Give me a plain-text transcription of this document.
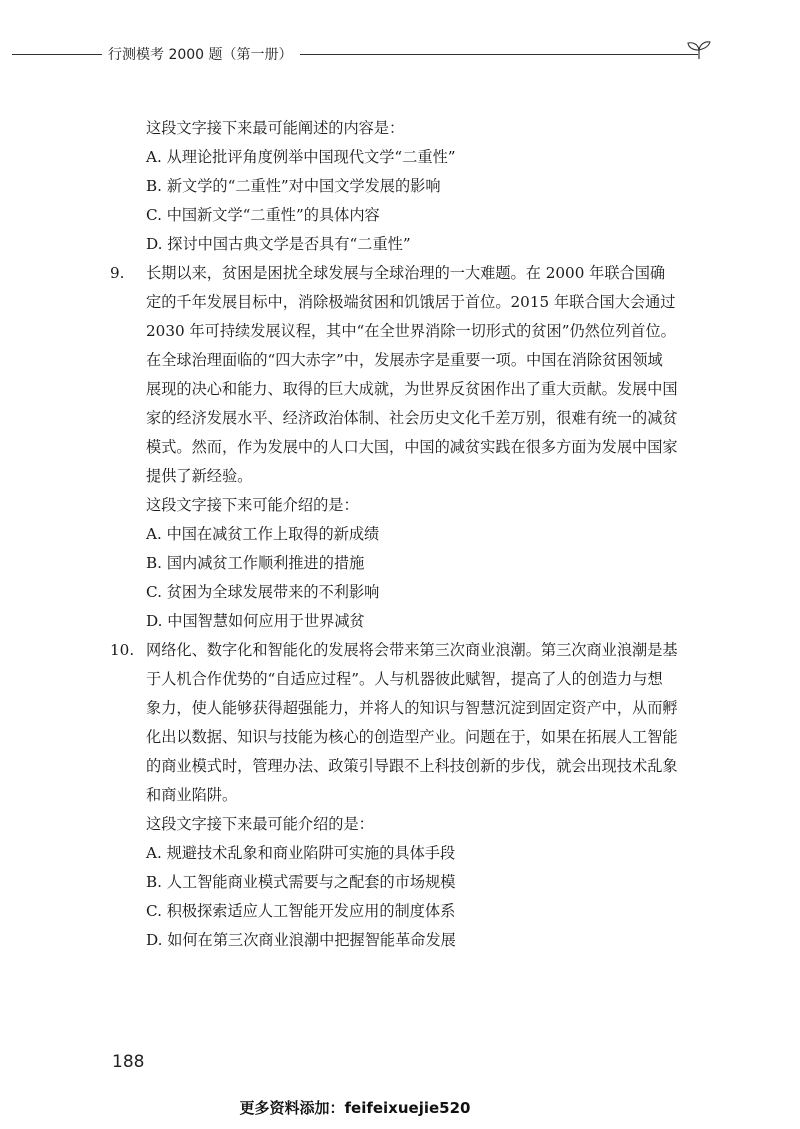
行测模考 2000 题（第一册）
这段文字接下来最可能阐述的内容是：
A. 从理论批评角度例举中国现代文学“二重性”
B. 新文学的“二重性”对中国文学发展的影响
C. 中国新文学“二重性”的具体内容
D. 探讨中国古典文学是否具有“二重性”
9.	长期以来，贫困是困扰全球发展与全球治理的一大难题。在 2000 年联合国确
定的千年发展目标中，消除极端贫困和饥饿居于首位。2015 年联合国大会通过
2030 年可持续发展议程，其中“在全世界消除一切形式的贫困”仍然位列首位。
在全球治理面临的“四大赤字”中，发展赤字是重要一项。中国在消除贫困领域
展现的决心和能力、取得的巨大成就，为世界反贫困作出了重大贡献。发展中国
家的经济发展水平、经济政治体制、社会历史文化千差万别，很难有统一的减贫
模式。然而，作为发展中的人口大国，中国的减贫实践在很多方面为发展中国家
提供了新经验。
这段文字接下来可能介绍的是：
A. 中国在减贫工作上取得的新成绩
B. 国内减贫工作顺利推进的措施
C. 贫困为全球发展带来的不利影响
D. 中国智慧如何应用于世界减贫
10. 网络化、数字化和智能化的发展将会带来第三次商业浪潮。第三次商业浪潮是基
于人机合作优势的“自适应过程”。人与机器彼此赋智，提高了人的创造力与想
象力，使人能够获得超强能力，并将人的知识与智慧沉淀到固定资产中，从而孵
化出以数据、知识与技能为核心的创造型产业。问题在于，如果在拓展人工智能
的商业模式时，管理办法、政策引导跟不上科技创新的步伐，就会出现技术乱象
和商业陷阱。
这段文字接下来最可能介绍的是：
A. 规避技术乱象和商业陷阱可实施的具体手段
B. 人工智能商业模式需要与之配套的市场规模
C. 积极探索适应人工智能开发应用的制度体系
D. 如何在第三次商业浪潮中把握智能革命发展
188
更多资料添加：feifeixuejie520
